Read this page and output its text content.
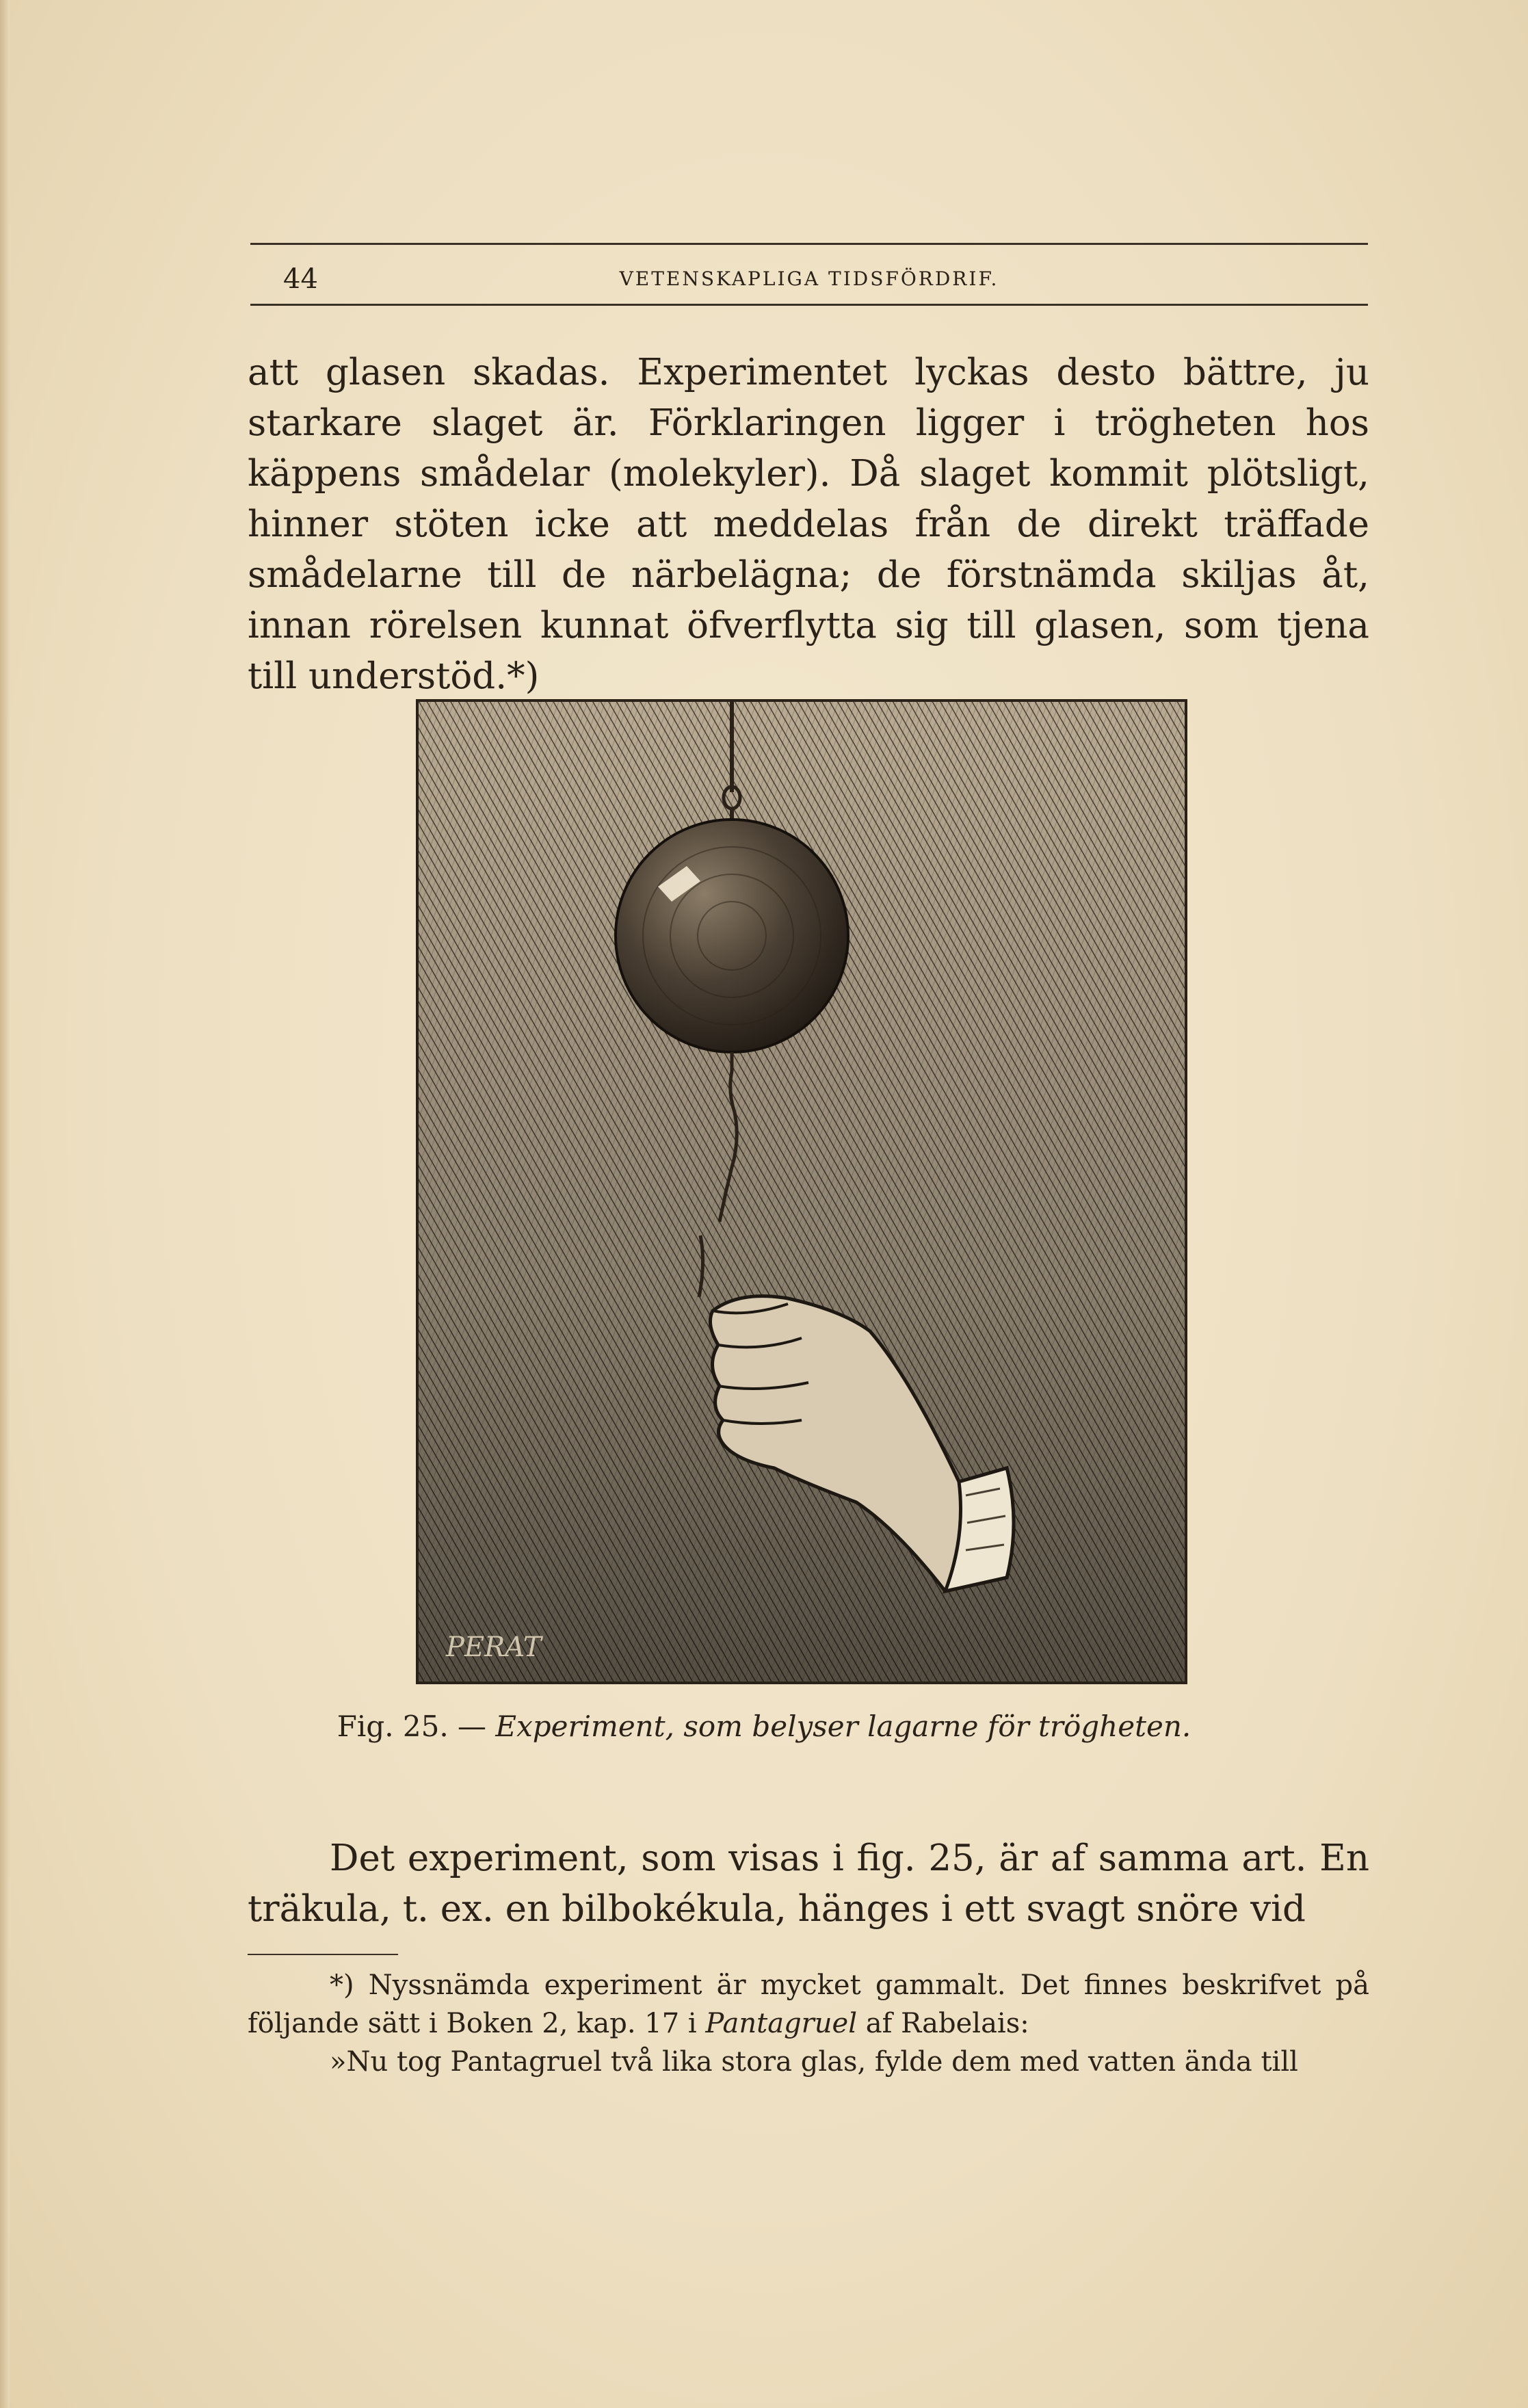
44	VETENSKAPLIGA TIDSFÖRDRIF.

att glasen skadas. Experimentet lyckas desto bättre, ju starkare slaget är. Förklaringen ligger i trögheten hos käppens smådelar (molekyler). Då slaget kommit plötsligt, hinner stöten icke att meddelas från de direkt träffade smådelarne till de närbelägna; de förstnämda skiljas åt, innan rörelsen kunnat öfverflytta sig till glasen, som tjena till understöd.*)

PERAT
Fig. 25. — Experiment, som belyser lagarne för trögheten.

Det experiment, som visas i fig. 25, är af samma art. En träkula, t. ex. en bilbokékula, hänges i ett svagt snöre vid

*) Nyssnämda experiment är mycket gammalt. Det finnes beskrifvet på följande sätt i Boken 2, kap. 17 i Pantagruel af Rabelais:

»Nu tog Pantagruel två lika stora glas, fylde dem med vatten ända till
